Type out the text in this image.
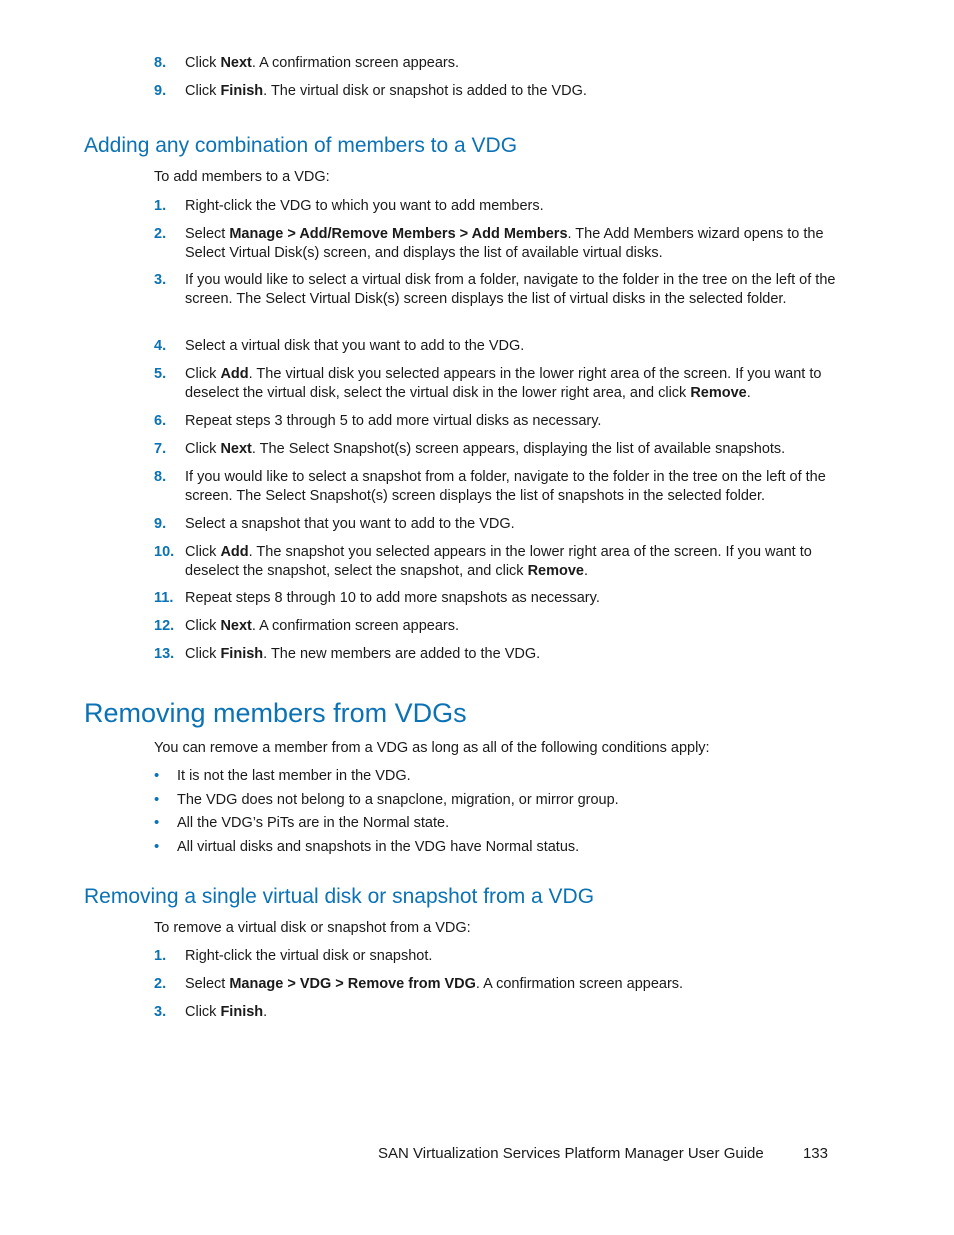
8. Click Next. A confirmation screen appears.
9. Click Finish. The virtual disk or snapshot is added to the VDG.
Adding any combination of members to a VDG

To add members to a VDG:

1. Right-click the VDG to which you want to add members.
2. Select Manage > Add/Remove Members > Add Members. The Add Members wizard opens to the Select Virtual Disk(s) screen, and displays the list of available virtual disks.
3. If you would like to select a virtual disk from a folder, navigate to the folder in the tree on the left of the screen. The Select Virtual Disk(s) screen displays the list of virtual disks in the selected folder.
4. Select a virtual disk that you want to add to the VDG.
5. Click Add. The virtual disk you selected appears in the lower right area of the screen. If you want to deselect the virtual disk, select the virtual disk in the lower right area, and click Remove.
6. Repeat steps 3 through 5 to add more virtual disks as necessary.
7. Click Next. The Select Snapshot(s) screen appears, displaying the list of available snapshots.
8. If you would like to select a snapshot from a folder, navigate to the folder in the tree on the left of the screen. The Select Snapshot(s) screen displays the list of snapshots in the selected folder.
9. Select a snapshot that you want to add to the VDG.
10. Click Add. The snapshot you selected appears in the lower right area of the screen. If you want to deselect the snapshot, select the snapshot, and click Remove.
11. Repeat steps 8 through 10 to add more snapshots as necessary.
12. Click Next. A confirmation screen appears.
13. Click Finish. The new members are added to the VDG.
Removing members from VDGs

You can remove a member from a VDG as long as all of the following conditions apply:

• It is not the last member in the VDG.
• The VDG does not belong to a snapclone, migration, or mirror group.
• All the VDG’s PiTs are in the Normal state.
• All virtual disks and snapshots in the VDG have Normal status.
Removing a single virtual disk or snapshot from a VDG

To remove a virtual disk or snapshot from a VDG:

1. Right-click the virtual disk or snapshot.
2. Select Manage > VDG > Remove from VDG. A confirmation screen appears.
3. Click Finish.
SAN Virtualization Services Platform Manager User Guide	133
